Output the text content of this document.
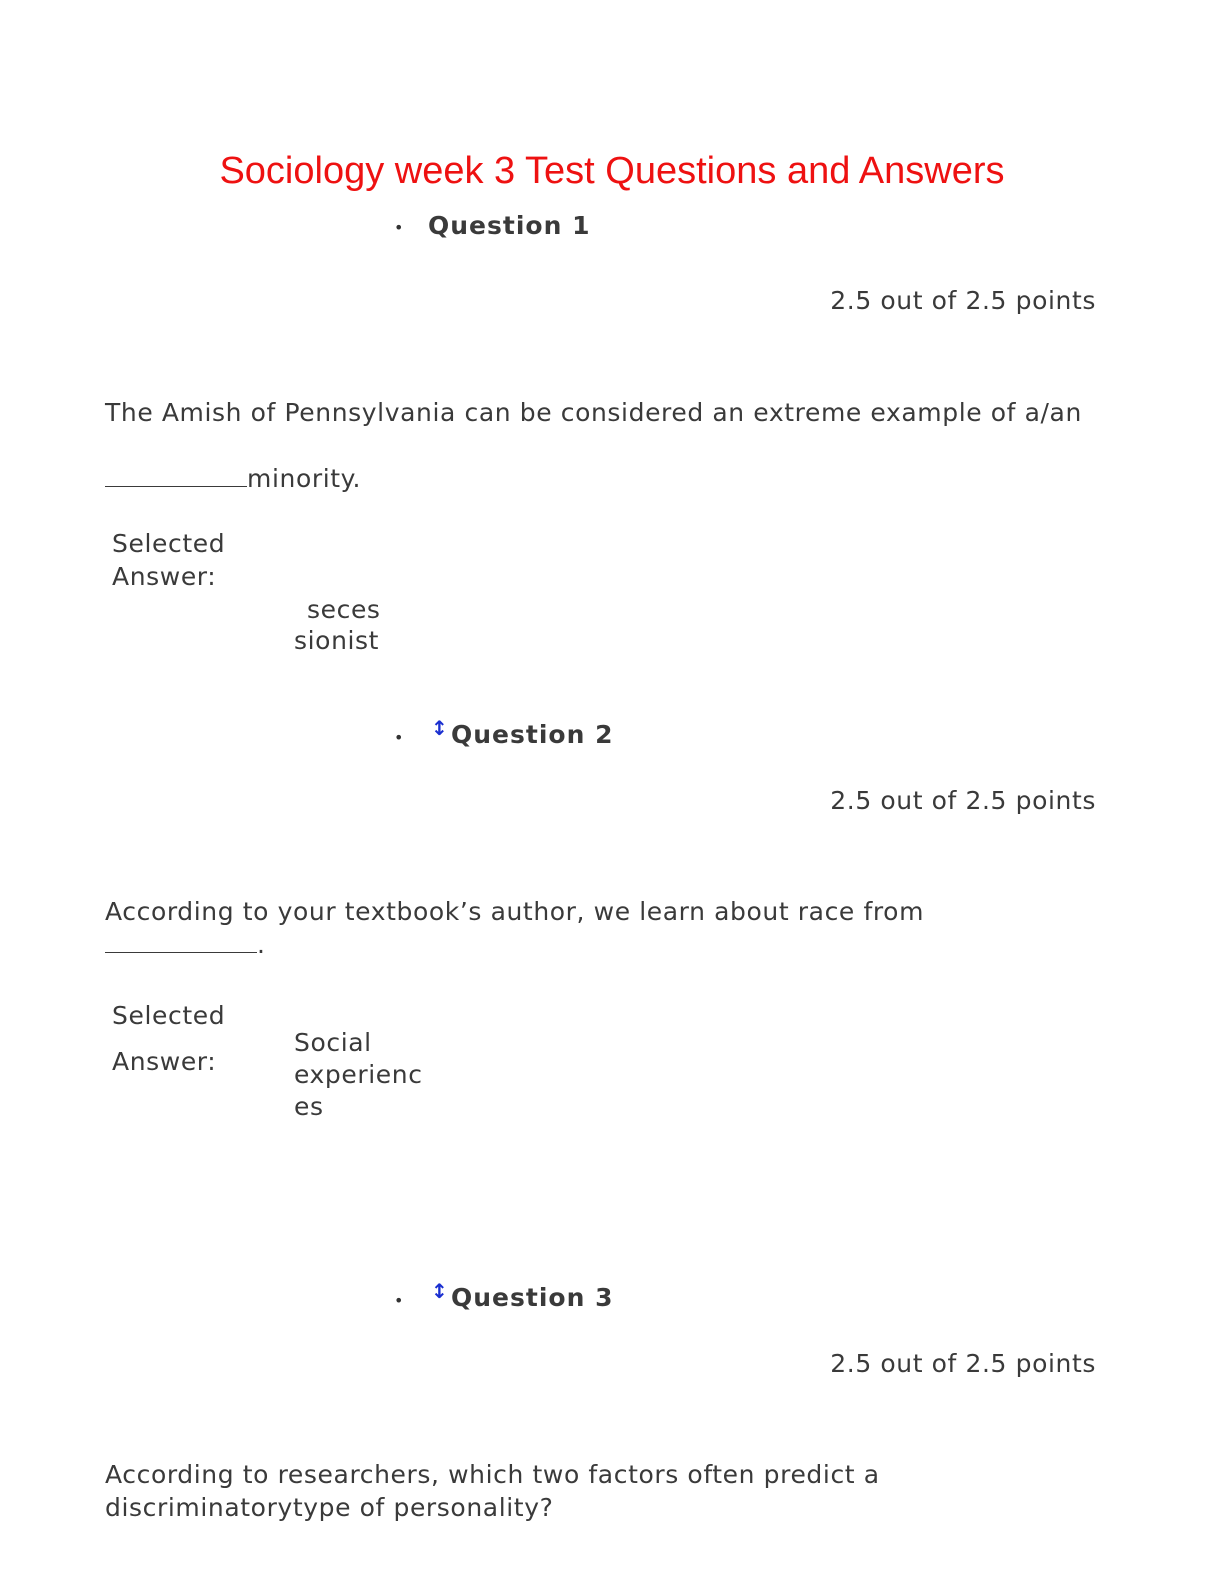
Sociology week 3 Test Questions and Answers
• Question 1
2.5 out of 2.5 points
The Amish of Pennsylvania can be considered an extreme example of a/an
minority.
Selected Answer:
seces
sionist
• ↕ Question 2
2.5 out of 2.5 points
According to your textbook’s author, we learn about race from
.
Selected Answer:
Social
experienc
es
• ↕ Question 3
2.5 out of 2.5 points
According to researchers, which two factors often predict a discriminatorytype of personality?
